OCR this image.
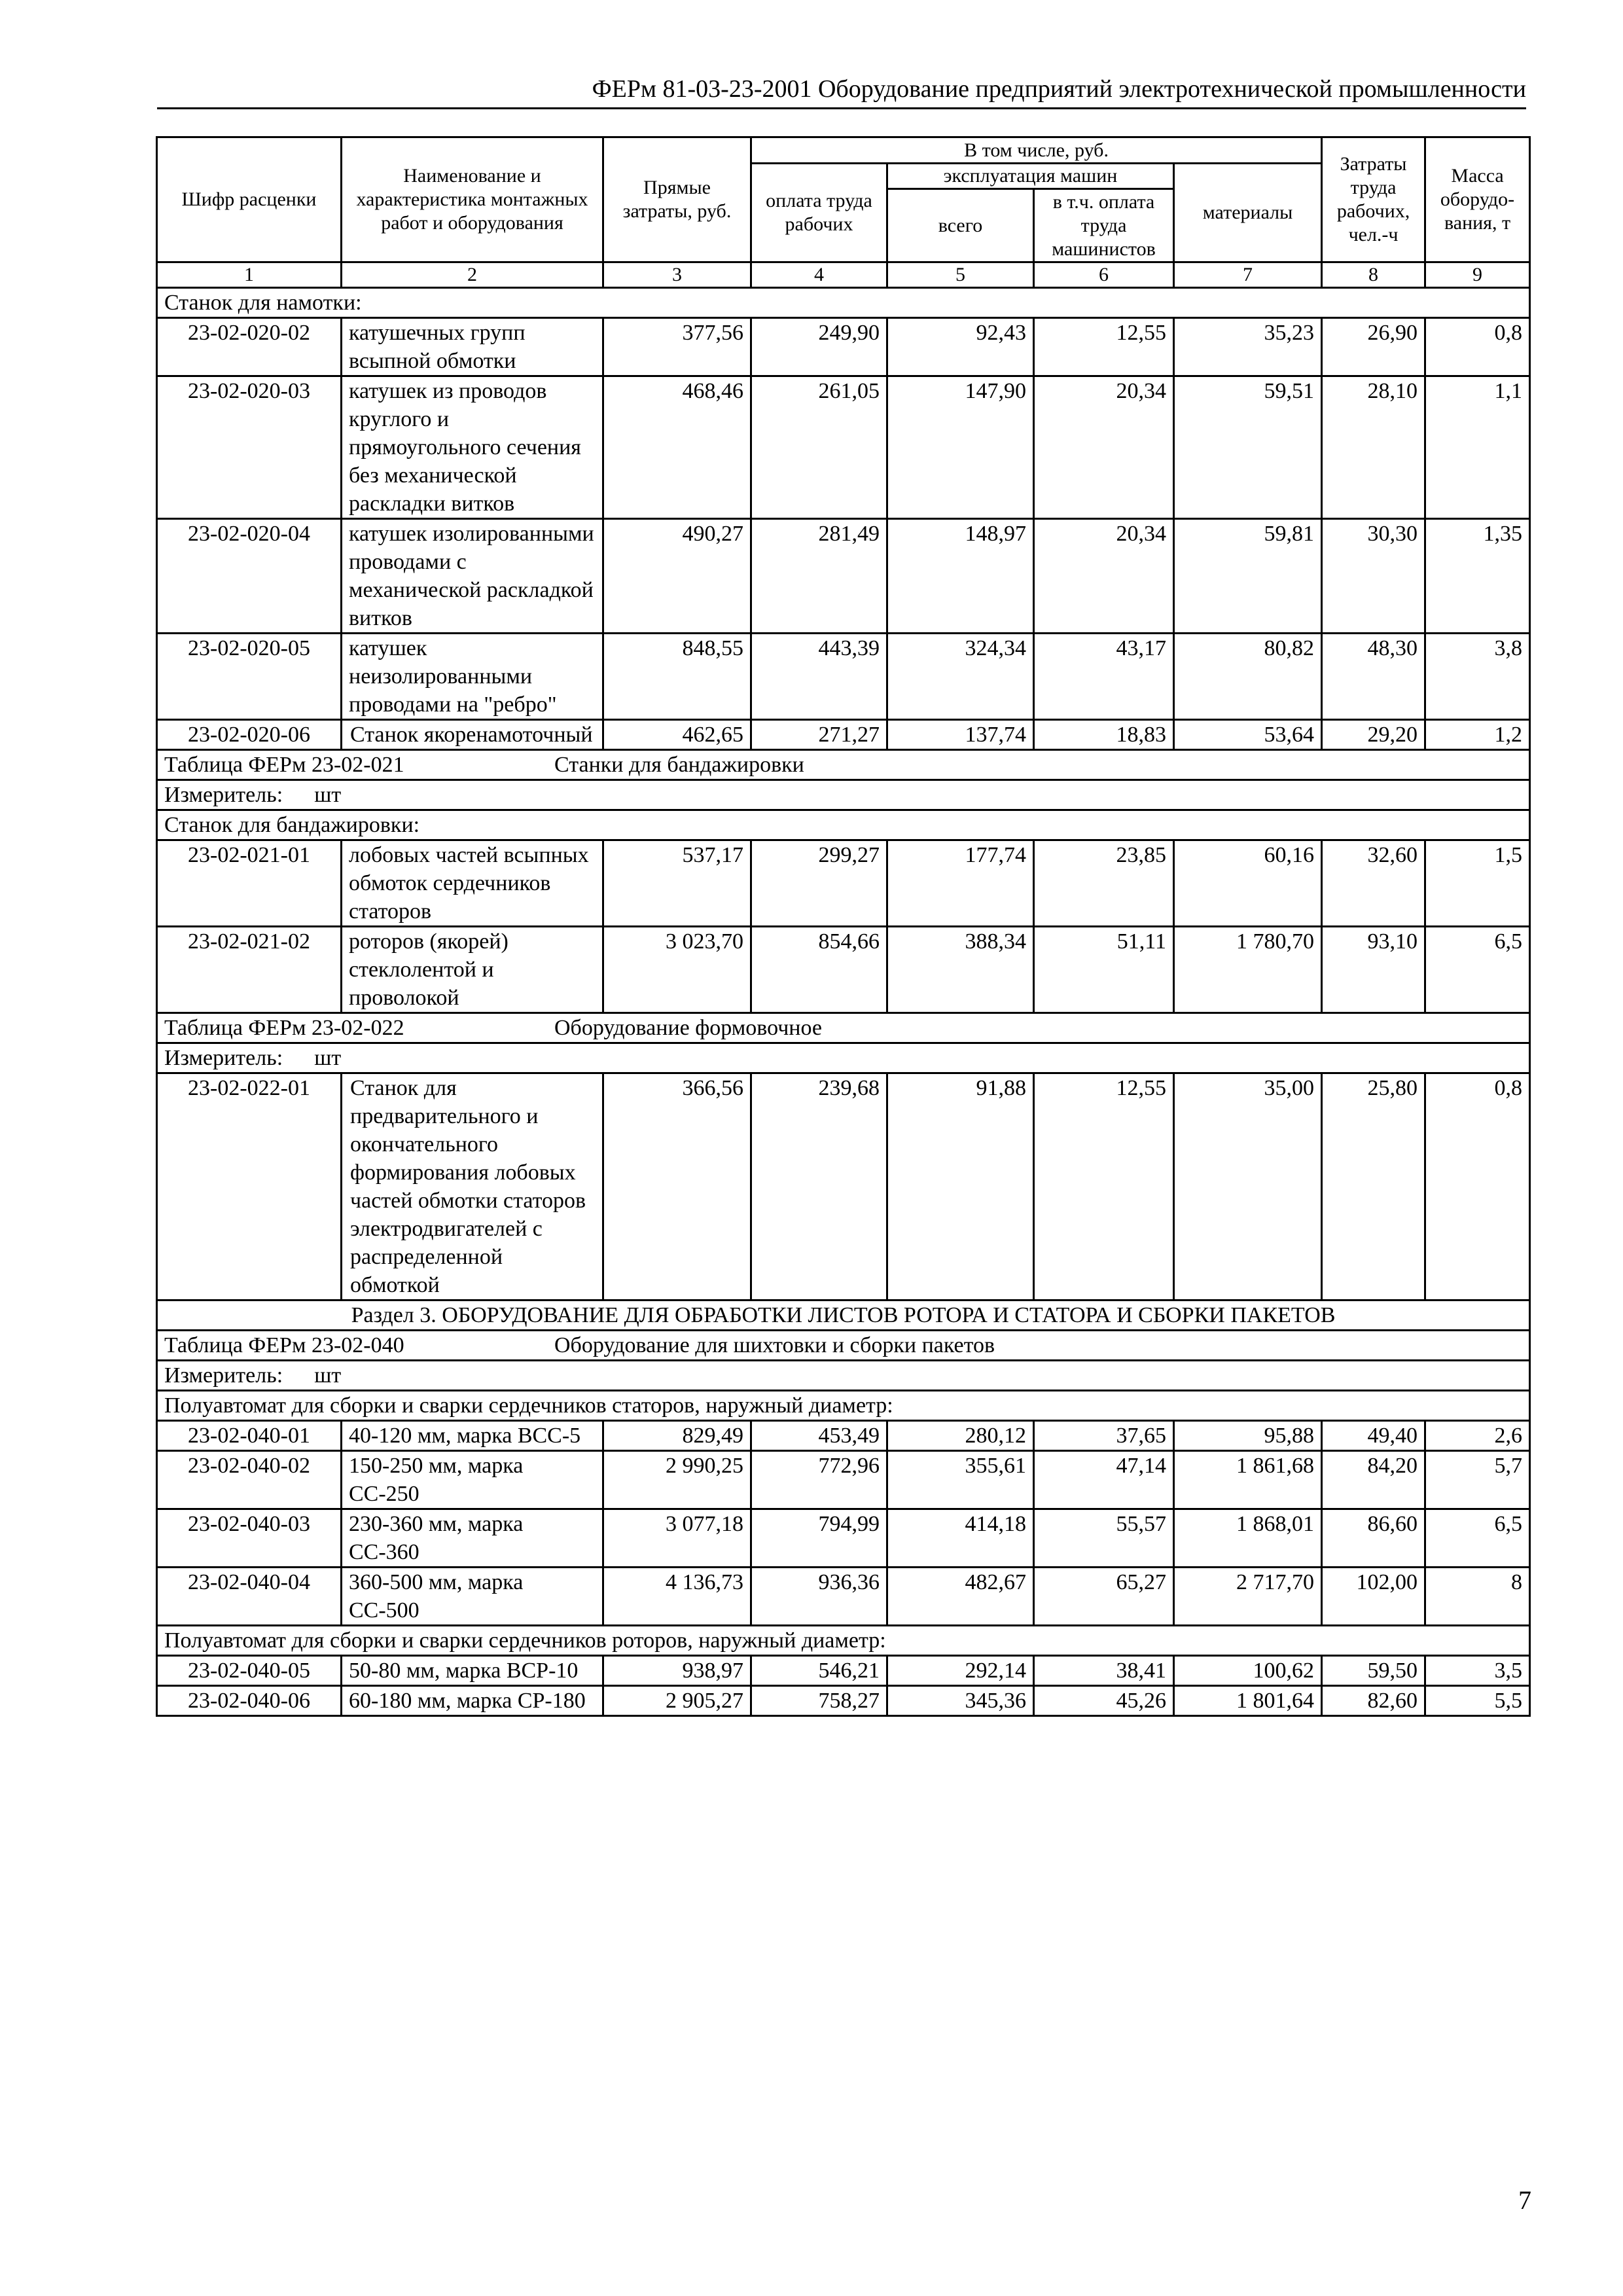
ФЕРм 81-03-23-2001 Оборудование предприятий электротехнической промышленности
Шифр расценки	Наименование и характеристика монтажных работ и оборудования	Прямые затраты, руб.	В том числе, руб.				Затраты труда рабочих, чел.-ч	Масса оборудо-вания, т
			оплата труда рабочих	эксплуатация машин		материалы		
				всего	в т.ч. оплата труда машинистов			
1	2	3	4	5	6	7	8	9
Станок для намотки:								
23-02-020-02	катушечных групп всыпной обмотки	377,56	249,90	92,43	12,55	35,23	26,90	0,8
23-02-020-03	катушек из проводов круглого и прямоугольного сечения без механической раскладки витков	468,46	261,05	147,90	20,34	59,51	28,10	1,1
23-02-020-04	катушек изолированными проводами с механической раскладкой витков	490,27	281,49	148,97	20,34	59,81	30,30	1,35
23-02-020-05	катушек неизолированными проводами на "ребро"	848,55	443,39	324,34	43,17	80,82	48,30	3,8
23-02-020-06	Станок якоренамоточный	462,65	271,27	137,74	18,83	53,64	29,20	1,2
Таблица ФЕРм 23-02-021 Станки для бандажировки								
Измеритель: шт								
Станок для бандажировки:								
23-02-021-01	лобовых частей всыпных обмоток сердечников статоров	537,17	299,27	177,74	23,85	60,16	32,60	1,5
23-02-021-02	роторов (якорей) стеклолентой и проволокой	3 023,70	854,66	388,34	51,11	1 780,70	93,10	6,5
Таблица ФЕРм 23-02-022 Оборудование формовочное								
Измеритель: шт								
23-02-022-01	Станок для предварительного и окончательного формирования лобовых частей обмотки статоров электродвигателей с распределенной обмоткой	366,56	239,68	91,88	12,55	35,00	25,80	0,8
Раздел 3. ОБОРУДОВАНИЕ ДЛЯ ОБРАБОТКИ ЛИСТОВ РОТОРА И СТАТОРА И СБОРКИ ПАКЕТОВ								
Таблица ФЕРм 23-02-040 Оборудование для шихтовки и сборки пакетов								
Измеритель: шт								
Полуавтомат для сборки и сварки сердечников статоров, наружный диаметр:								
23-02-040-01	40-120 мм, марка ВСС-5	829,49	453,49	280,12	37,65	95,88	49,40	2,6
23-02-040-02	150-250 мм, марка СС-250	2 990,25	772,96	355,61	47,14	1 861,68	84,20	5,7
23-02-040-03	230-360 мм, марка СС-360	3 077,18	794,99	414,18	55,57	1 868,01	86,60	6,5
23-02-040-04	360-500 мм, марка СС-500	4 136,73	936,36	482,67	65,27	2 717,70	102,00	8
Полуавтомат для сборки и сварки сердечников роторов, наружный диаметр:								
23-02-040-05	50-80 мм, марка ВСР-10	938,97	546,21	292,14	38,41	100,62	59,50	3,5
23-02-040-06	60-180 мм, марка СР-180	2 905,27	758,27	345,36	45,26	1 801,64	82,60	5,5
7
